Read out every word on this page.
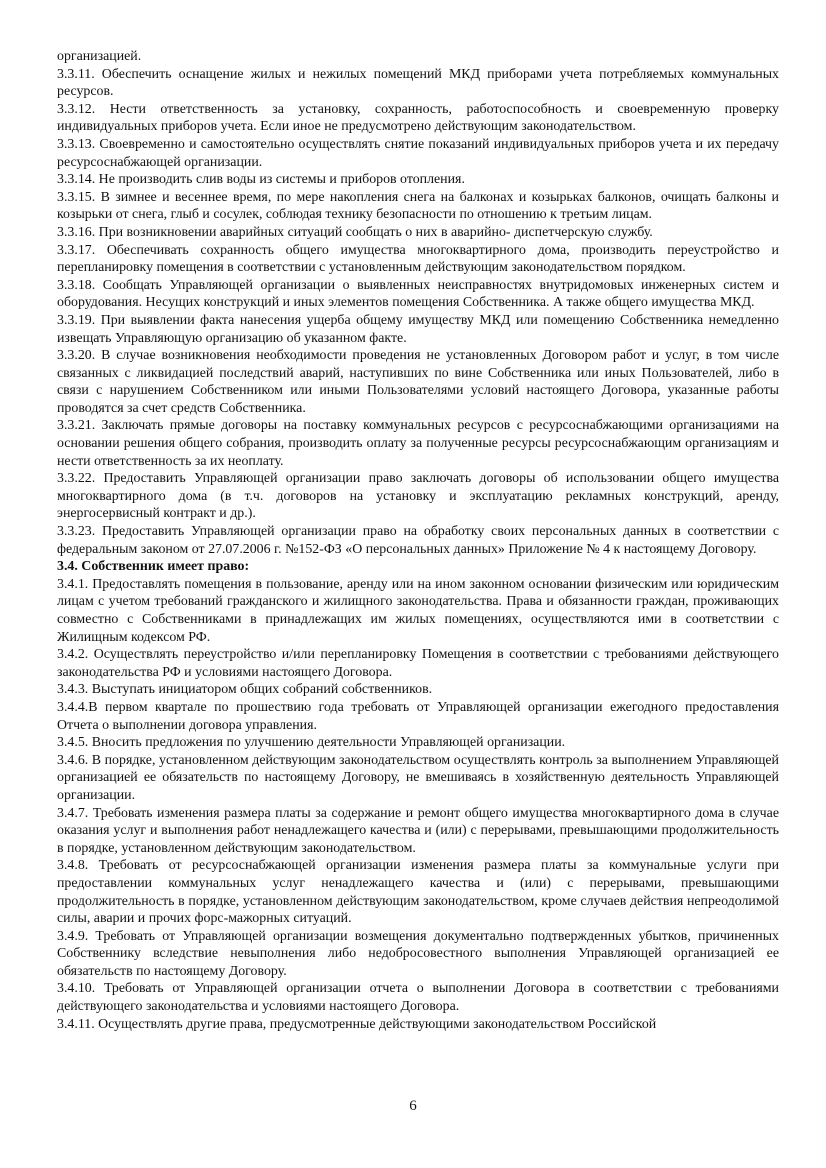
организацией.

3.3.11. Обеспечить оснащение жилых и нежилых помещений МКД приборами учета потребляемых коммунальных ресурсов.

3.3.12. Нести ответственность за установку, сохранность, работоспособность и своевременную проверку индивидуальных приборов учета. Если иное не предусмотрено действующим законодательством.

3.3.13. Своевременно и самостоятельно осуществлять снятие показаний индивидуальных приборов учета и их передачу ресурсоснабжающей организации.

3.3.14. Не производить слив воды из системы и приборов отопления.

3.3.15. В зимнее и весеннее время, по мере накопления снега на балконах и козырьках балконов, очищать балконы и козырьки от снега, глыб и сосулек, соблюдая технику безопасности по отношению к третьим лицам.

3.3.16. При возникновении аварийных ситуаций сообщать о них в аварийно- диспетчерскую службу.

3.3.17. Обеспечивать сохранность общего имущества многоквартирного дома, производить переустройство и перепланировку помещения в соответствии с установленным действующим законодательством порядком.

3.3.18. Сообщать Управляющей организации о выявленных неисправностях внутридомовых инженерных систем и оборудования. Несущих конструкций и иных элементов помещения Собственника. А также общего имущества МКД.

3.3.19. При выявлении факта нанесения ущерба общему имуществу МКД или помещению Собственника немедленно извещать Управляющую организацию об указанном факте.

3.3.20. В случае возникновения необходимости проведения не установленных Договором работ и услуг, в том числе связанных с ликвидацией последствий аварий, наступивших по вине Собственника или иных Пользователей, либо в связи с нарушением Собственником или иными Пользователями условий настоящего Договора, указанные работы проводятся за счет средств Собственника.

3.3.21. Заключать прямые договоры на поставку коммунальных ресурсов с ресурсоснабжающими организациями на основании решения общего собрания, производить оплату за полученные ресурсы ресурсоснабжающим организациям и нести ответственность за их неоплату.

3.3.22. Предоставить Управляющей организации право заключать договоры об использовании общего имущества многоквартирного дома (в т.ч. договоров на установку и эксплуатацию рекламных конструкций, аренду, энергосервисный контракт и др.).

3.3.23. Предоставить Управляющей организации право на обработку своих персональных данных в соответствии с федеральным законом от 27.07.2006 г. №152-ФЗ «О персональных данных» Приложение № 4 к настоящему Договору.

3.4. Собственник имеет право:

3.4.1. Предоставлять помещения в пользование, аренду или на ином законном основании физическим или юридическим лицам с учетом требований гражданского и жилищного законодательства. Права и обязанности граждан, проживающих совместно с Собственниками в принадлежащих им жилых помещениях, осуществляются ими в соответствии с Жилищным кодексом РФ.

3.4.2. Осуществлять переустройство и/или перепланировку Помещения в соответствии с требованиями действующего законодательства РФ и условиями настоящего Договора.

3.4.3. Выступать инициатором общих собраний собственников.

3.4.4.В первом квартале по прошествию года требовать от Управляющей организации ежегодного предоставления Отчета о выполнении договора управления.

3.4.5. Вносить предложения по улучшению деятельности Управляющей организации.

3.4.6. В порядке, установленном действующим законодательством осуществлять контроль за выполнением Управляющей организацией ее обязательств по настоящему Договору, не вмешиваясь в хозяйственную деятельность Управляющей организации.

3.4.7. Требовать изменения размера платы за содержание и ремонт общего имущества многоквартирного дома в случае оказания услуг и выполнения работ ненадлежащего качества и (или) с перерывами, превышающими продолжительность в порядке, установленном действующим законодательством.

3.4.8. Требовать от ресурсоснабжающей организации изменения размера платы за коммунальные услуги при предоставлении коммунальных услуг ненадлежащего качества и (или) с перерывами, превышающими продолжительность в порядке, установленном действующим законодательством, кроме случаев действия непреодолимой силы, аварии и прочих форс-мажорных ситуаций.

3.4.9. Требовать от Управляющей организации возмещения документально подтвержденных убытков, причиненных Собственнику вследствие невыполнения либо недобросовестного выполнения Управляющей организацией ее обязательств по настоящему Договору.

3.4.10. Требовать от Управляющей организации отчета о выполнении Договора в соответствии с требованиями действующего законодательства и условиями настоящего Договора.

3.4.11. Осуществлять другие права, предусмотренные действующими законодательством Российской

6
